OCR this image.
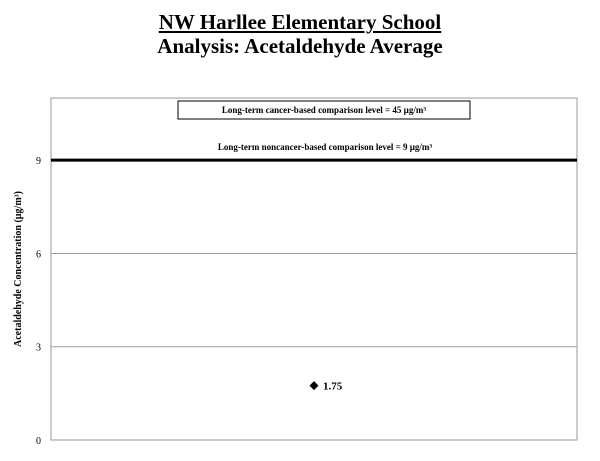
NW Harllee Elementary School
Analysis: Acetaldehyde Average
0
3
6
9
Acetaldehyde Concentration (µg/m³)
Long-term noncancer-based comparison level = 9 µg/m³
Long-term cancer-based comparison level = 45 µg/m³
1.75
